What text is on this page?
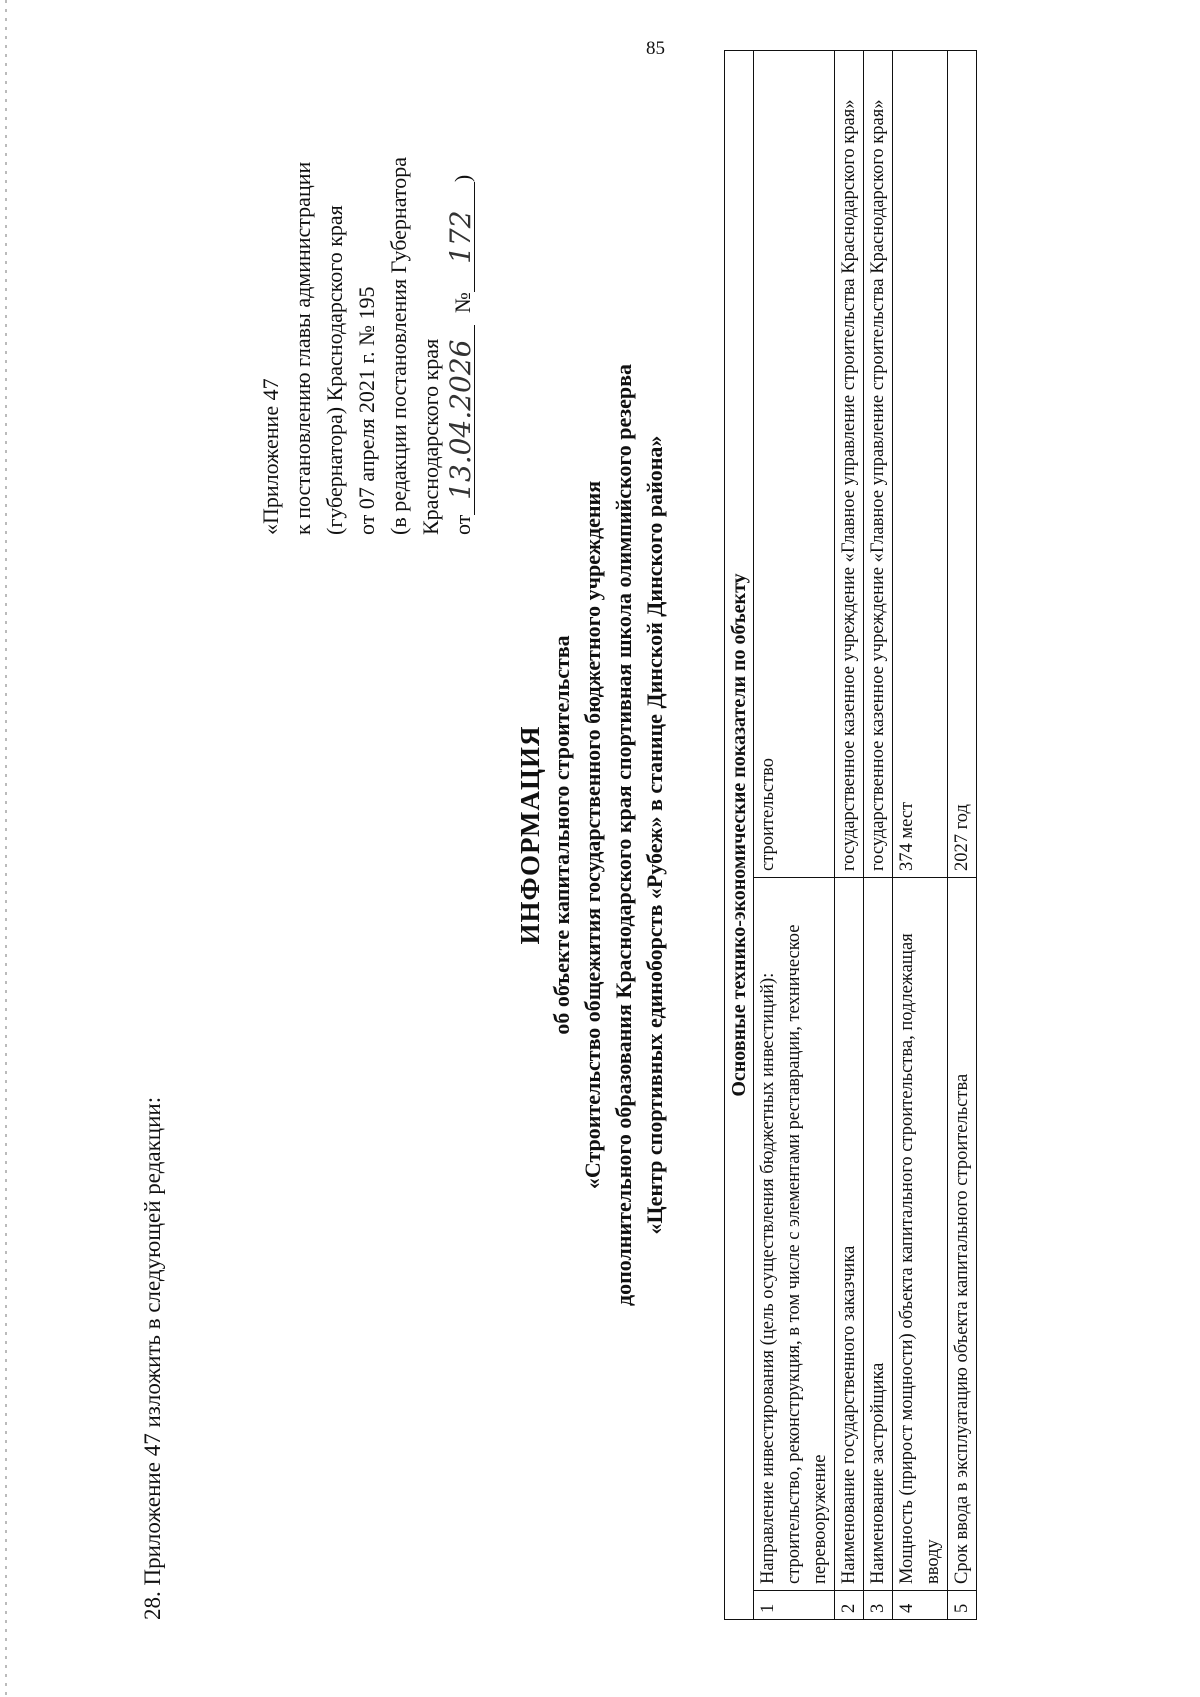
85
28. Приложение 47 изложить в следующей редакции:
«Приложение 47 к постановлению главы администрации (губернатора) Краснодарского края от 07 апреля 2021 г. № 195 (в редакции постановления Губернатора Краснодарского края от13.04.2026 №172)
ИНФОРМАЦИЯ об объекте капитального строительства «Строительство общежития государственного бюджетного учреждения дополнительного образования Краснодарского края спортивная школа олимпийского резерва «Центр спортивных единоборств «Рубеж» в станице Динской Динского района»	Основные технико-экономические показатели по объекту		
1	Направление инвестирования (цель осуществления бюджетных инвестиций): строительство, реконструкция, в том числе с элементами реставрации, техническое перевооружение	строительство
2	Наименование государственного заказчика	государственное казенное учреждение «Главное управление строительства Краснодарского края»
3	Наименование застройщика	государственное казенное учреждение «Главное управление строительства Краснодарского края»
4	Мощность (прирост мощности) объекта капитального строительства, подлежащая вводу	374 мест
5	Срок ввода в эксплуатацию объекта капитального строительства	2027 год
